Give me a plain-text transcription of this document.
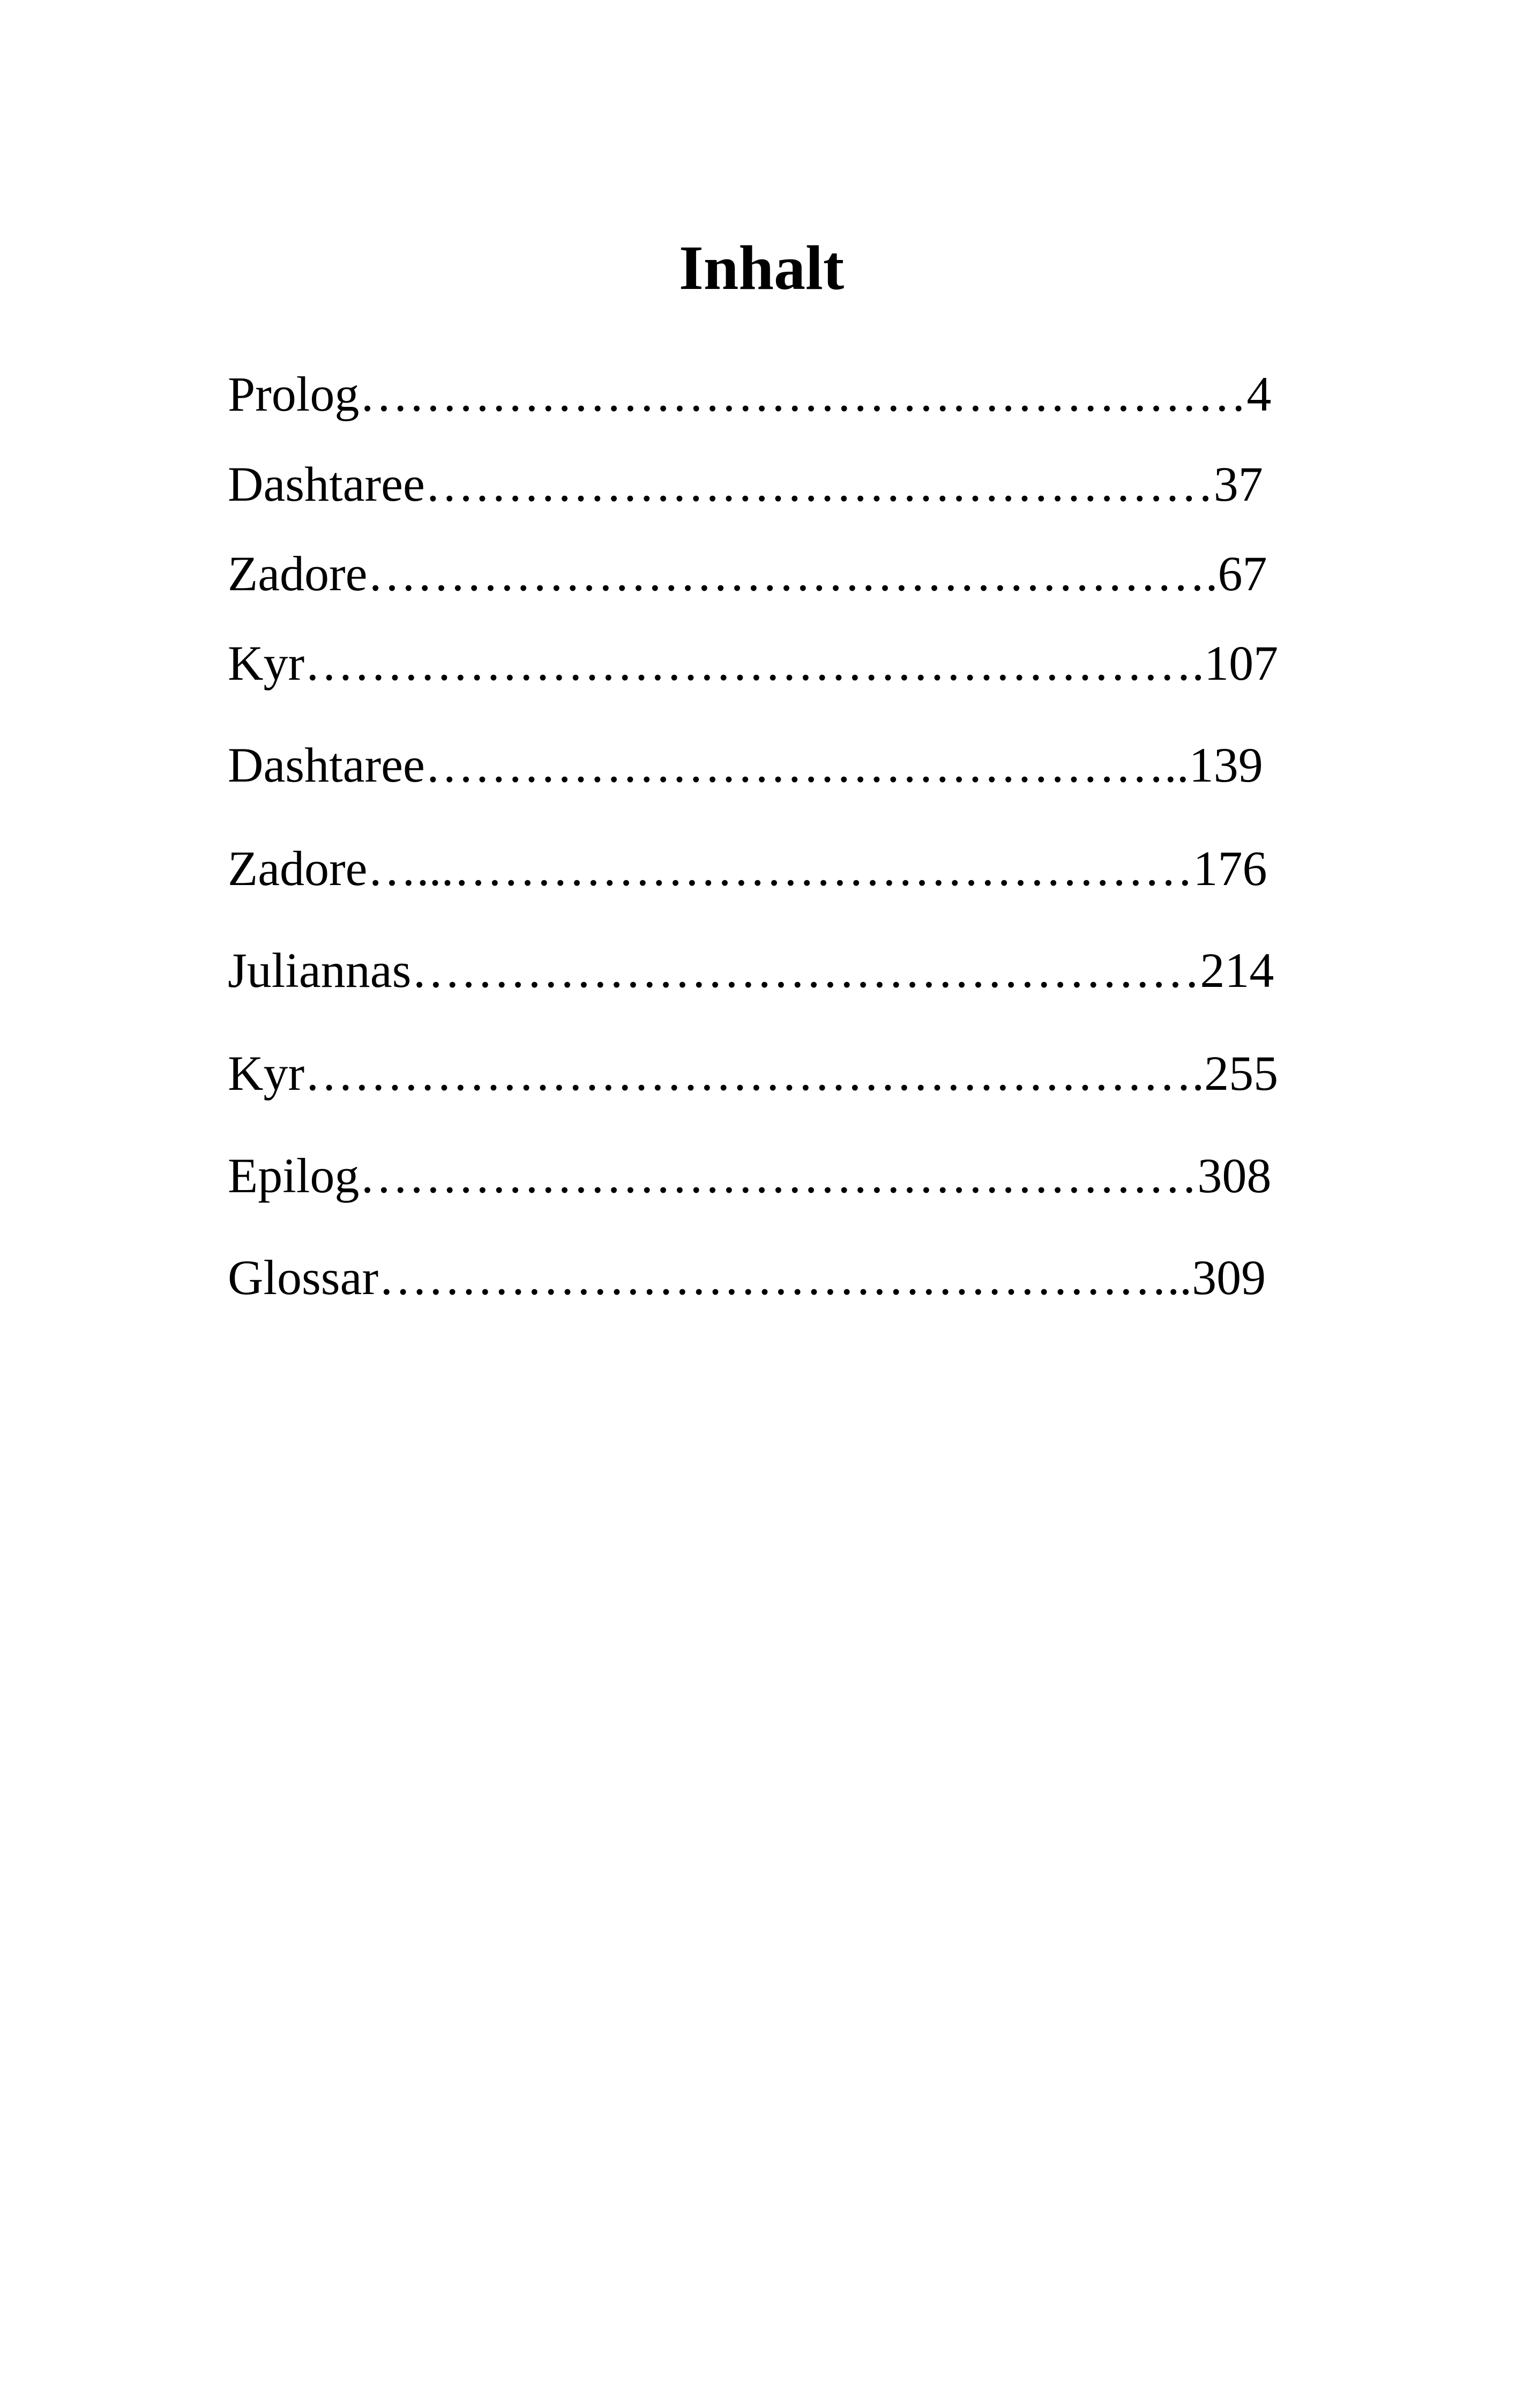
Inhalt
Prolog………………………………………………4
Dashtaree…………………………………………37
Zadore…………………………………………….67
Kyr……………………………………………….107
Dashtaree………………………………………..139
Zadore…...………………………………………176
Juliannas…………………………………………214
Kyr……………………………………………….255
Epilog……………………………………………308
Glossar…………………………………………..309
